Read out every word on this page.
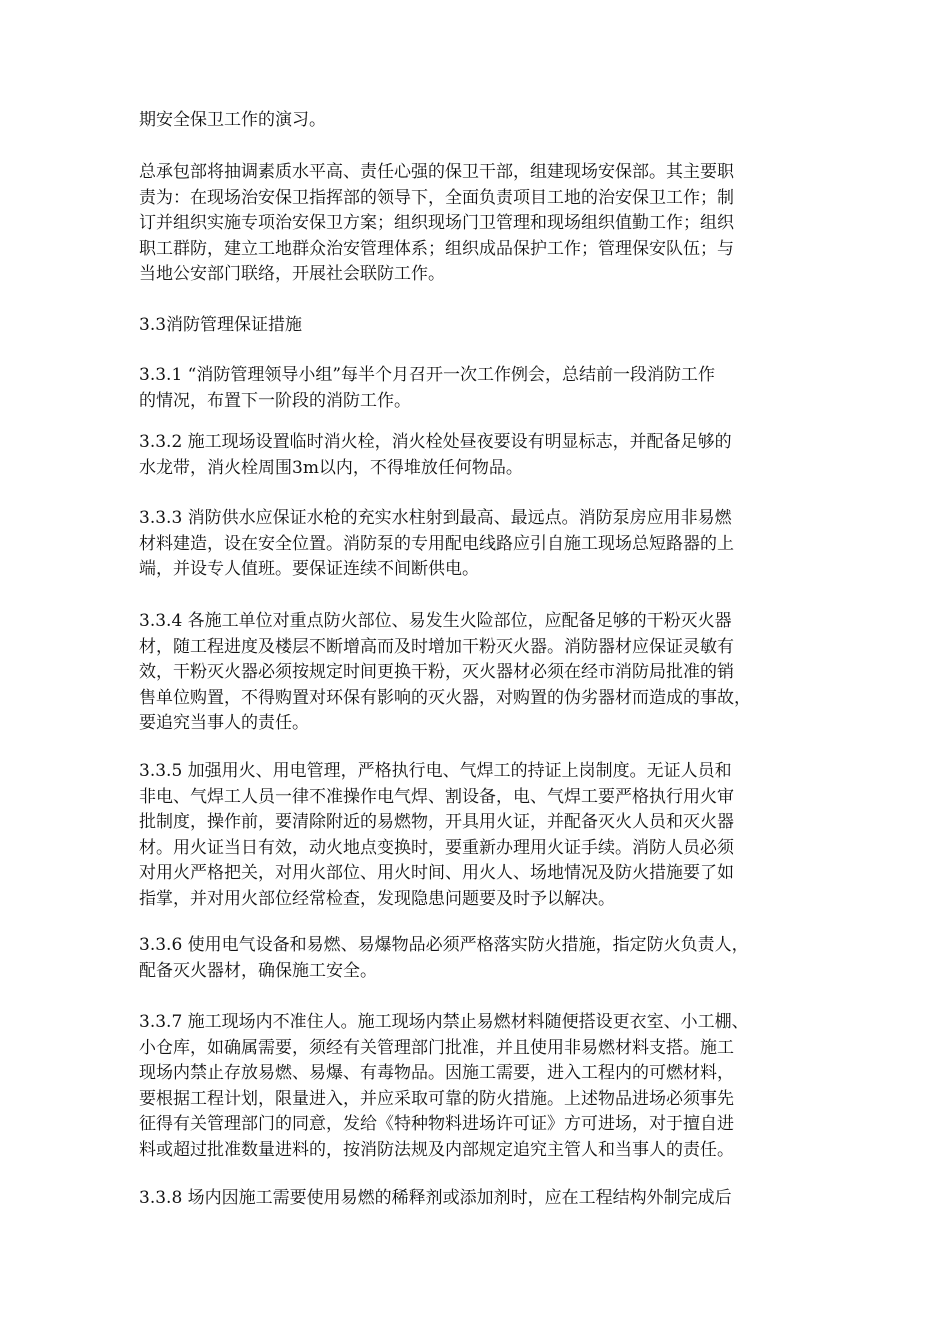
期安全保卫工作的演习。

总承包部将抽调素质水平高、责任心强的保卫干部，组建现场安保部。其主要职
责为：在现场治安保卫指挥部的领导下，全面负责项目工地的治安保卫工作；制
订并组织实施专项治安保卫方案；组织现场门卫管理和现场组织值勤工作；组织
职工群防，建立工地群众治安管理体系；组织成品保护工作；管理保安队伍；与
当地公安部门联络，开展社会联防工作。

3.3消防管理保证措施

3.3.1 “消防管理领导小组”每半个月召开一次工作例会，总结前一段消防工作
的情况，布置下一阶段的消防工作。

3.3.2 施工现场设置临时消火栓，消火栓处昼夜要设有明显标志，并配备足够的
水龙带，消火栓周围3m以内，不得堆放任何物品。

3.3.3 消防供水应保证水枪的充实水柱射到最高、最远点。消防泵房应用非易燃
材料建造，设在安全位置。消防泵的专用配电线路应引自施工现场总短路器的上
端，并设专人值班。要保证连续不间断供电。

3.3.4 各施工单位对重点防火部位、易发生火险部位，应配备足够的干粉灭火器
材，随工程进度及楼层不断增高而及时增加干粉灭火器。消防器材应保证灵敏有
效，干粉灭火器必须按规定时间更换干粉，灭火器材必须在经市消防局批准的销
售单位购置，不得购置对环保有影响的灭火器，对购置的伪劣器材而造成的事故，
要追究当事人的责任。

3.3.5 加强用火、用电管理，严格执行电、气焊工的持证上岗制度。无证人员和
非电、气焊工人员一律不准操作电气焊、割设备，电、气焊工要严格执行用火审
批制度，操作前，要清除附近的易燃物，开具用火证，并配备灭火人员和灭火器
材。用火证当日有效，动火地点变换时，要重新办理用火证手续。消防人员必须
对用火严格把关，对用火部位、用火时间、用火人、场地情况及防火措施要了如
指掌，并对用火部位经常检查，发现隐患问题要及时予以解决。

3.3.6 使用电气设备和易燃、易爆物品必须严格落实防火措施，指定防火负责人，
配备灭火器材，确保施工安全。

3.3.7 施工现场内不准住人。施工现场内禁止易燃材料随便搭设更衣室、小工棚、
小仓库，如确属需要，须经有关管理部门批准，并且使用非易燃材料支搭。施工
现场内禁止存放易燃、易爆、有毒物品。因施工需要，进入工程内的可燃材料，
要根据工程计划，限量进入，并应采取可靠的防火措施。上述物品进场必须事先
征得有关管理部门的同意，发给《特种物料进场许可证》方可进场，对于擅自进
料或超过批准数量进料的，按消防法规及内部规定追究主管人和当事人的责任。

3.3.8 场内因施工需要使用易燃的稀释剂或添加剂时，应在工程结构外制完成后
